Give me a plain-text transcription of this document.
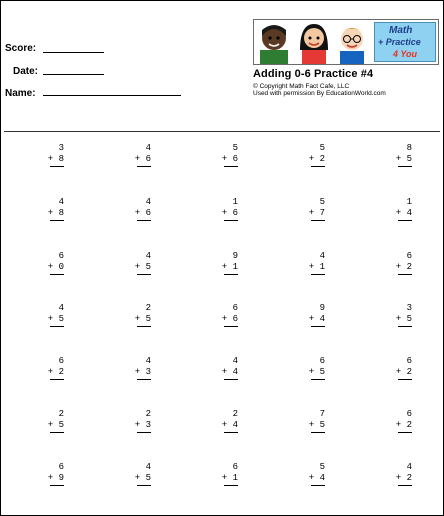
Score:
Date:
Name:
Math
+ Practice
4 You
Adding 0-6 Practice #4
© Copyright Math Fact Cafe, LLC
Used with permission By EducationWorld.com
3
+ 8
4
+ 6
5
+ 6
5
+ 2
8
+ 5
4
+ 8
4
+ 6
1
+ 6
5
+ 7
1
+ 4
6
+ 0
4
+ 5
9
+ 1
4
+ 1
6
+ 2
4
+ 5
2
+ 5
6
+ 6
9
+ 4
3
+ 5
6
+ 2
4
+ 3
4
+ 4
6
+ 5
6
+ 2
2
+ 5
2
+ 3
2
+ 4
7
+ 5
6
+ 2
6
+ 9
4
+ 5
6
+ 1
5
+ 4
4
+ 2
